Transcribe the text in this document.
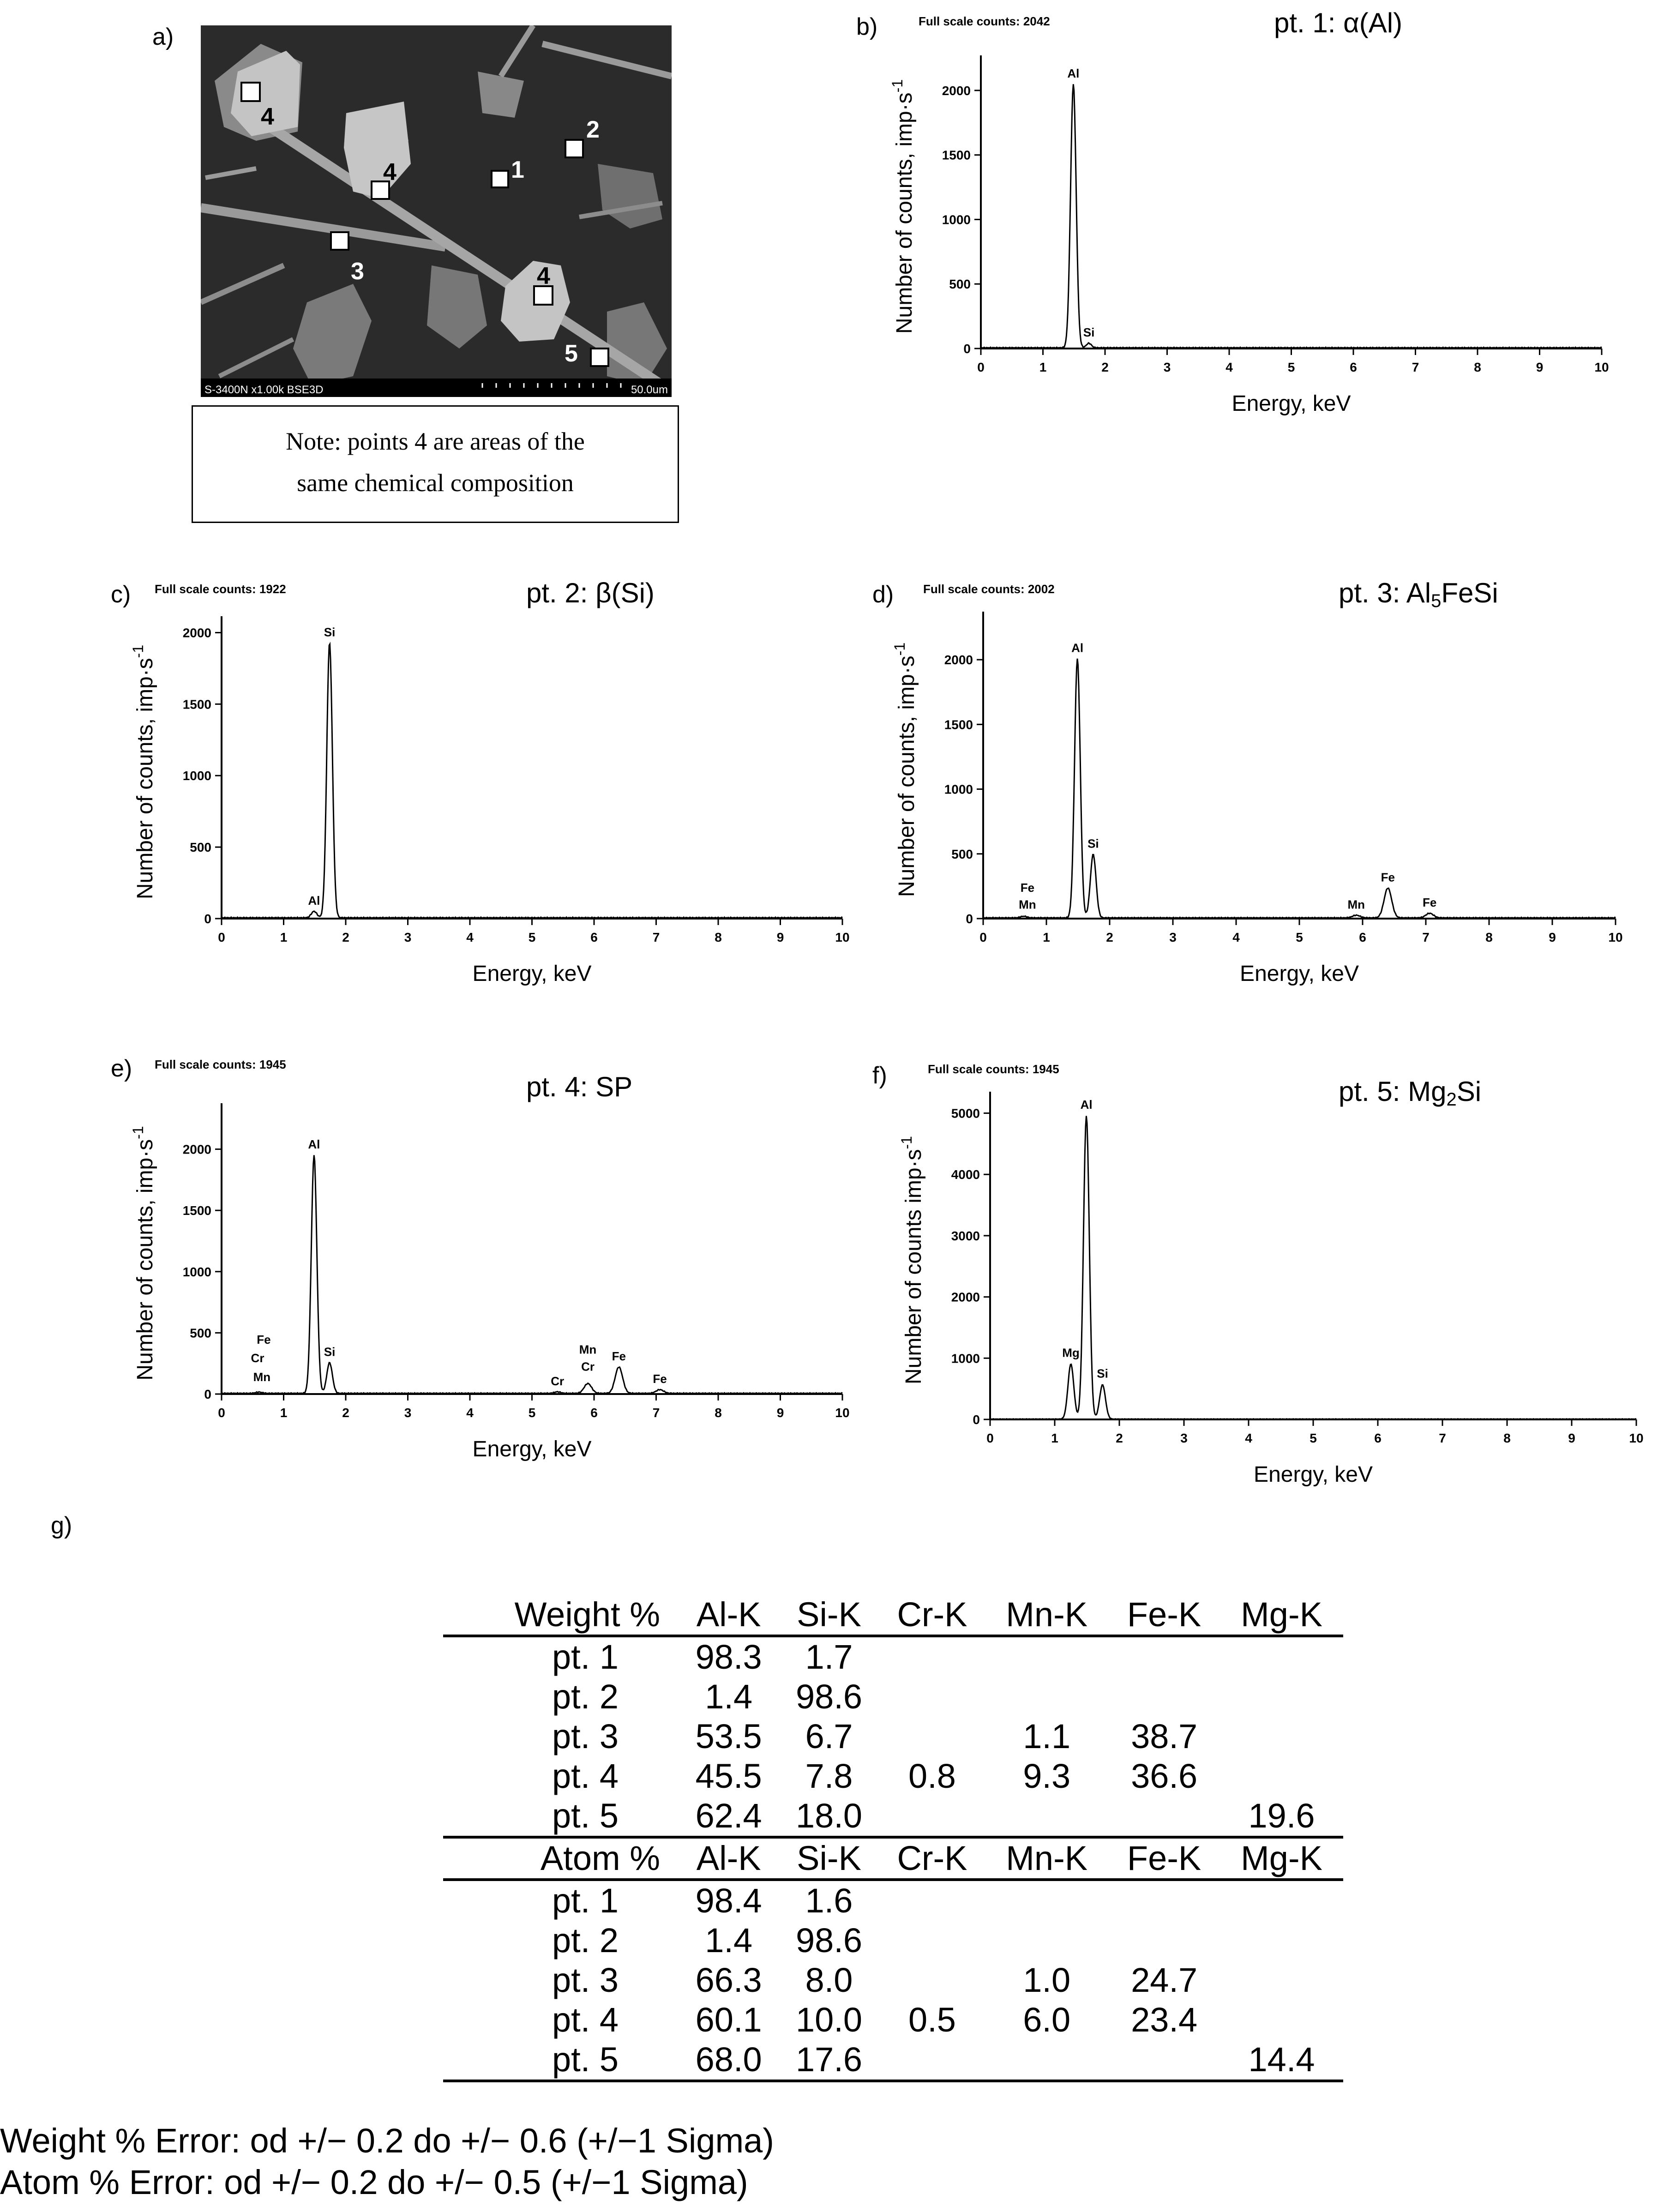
a)	b)
c)	d)
e)	f)
g)
S-3400N x1.00k BSE3D	50.0um
4	2
4	1
3	4
5
Note: points 4 are areas of the
same chemical composition
0	1	2	3	4	5	6	7	8	9	10
0
500
1000
1500
2000
Al
Si
pt. 1: α(Al)
Full scale counts: 2042
Energy, keV
Number of counts, $imp\cdot s^{-1}$
0	1	2	3	4	5	6	7	8	9	10
0
500
1000
1500
2000
Al
Si
pt. 2: β(Si)
Full scale counts: 1922
Energy, keV
Number of counts, $imp\cdot s^{-1}$
0	1	2	3	4	5	6	7	8	9	10
0
500
1000
1500
2000
Al
Si
Fe
Mn	Mn
Fe
Fe
pt. 3: Al5FeSi
Full scale counts: 2002
Energy, keV
Number of counts, $imp\cdot s^{-1}$
0	1	2	3	4	5	6	7	8	9	10
0
500
1000
1500
2000	Al
Si
Fe
Cr
Mn	Cr
Mn
Cr
Fe
Fe
pt. 4: SP
Full scale counts: 1945
Energy, keV
Number of counts, $imp\cdot s^{-1}$
0	1	2	3	4	5	6	7	8	9	10
0
1000
2000
3000
4000
5000
Mg
Al
Si
pt. 5: Mg2Si
Full scale counts: 1945
Energy, keV
Number of counts $imp\cdot s^{-1}$
Weight %	Al-K	Si-K	Cr-K	Mn-K	Fe-K	Mg-K
pt. 1	98.3	1.7				
pt. 2	1.4	98.6				
pt. 3	53.5	6.7		1.1	38.7	
pt. 4	45.5	7.8	0.8	9.3	36.6	
pt. 5	62.4	18.0				19.6
Atom %	Al-K	Si-K	Cr-K	Mn-K	Fe-K	Mg-K
pt. 1	98.4	1.6				
pt. 2	1.4	98.6				
pt. 3	66.3	8.0		1.0	24.7	
pt. 4	60.1	10.0	0.5	6.0	23.4	
pt. 5	68.0	17.6				14.4
Weight % Error: od +/− 0.2 do +/− 0.6 (+/−1 Sigma)
Atom % Error: od +/− 0.2 do +/− 0.5 (+/−1 Sigma)
